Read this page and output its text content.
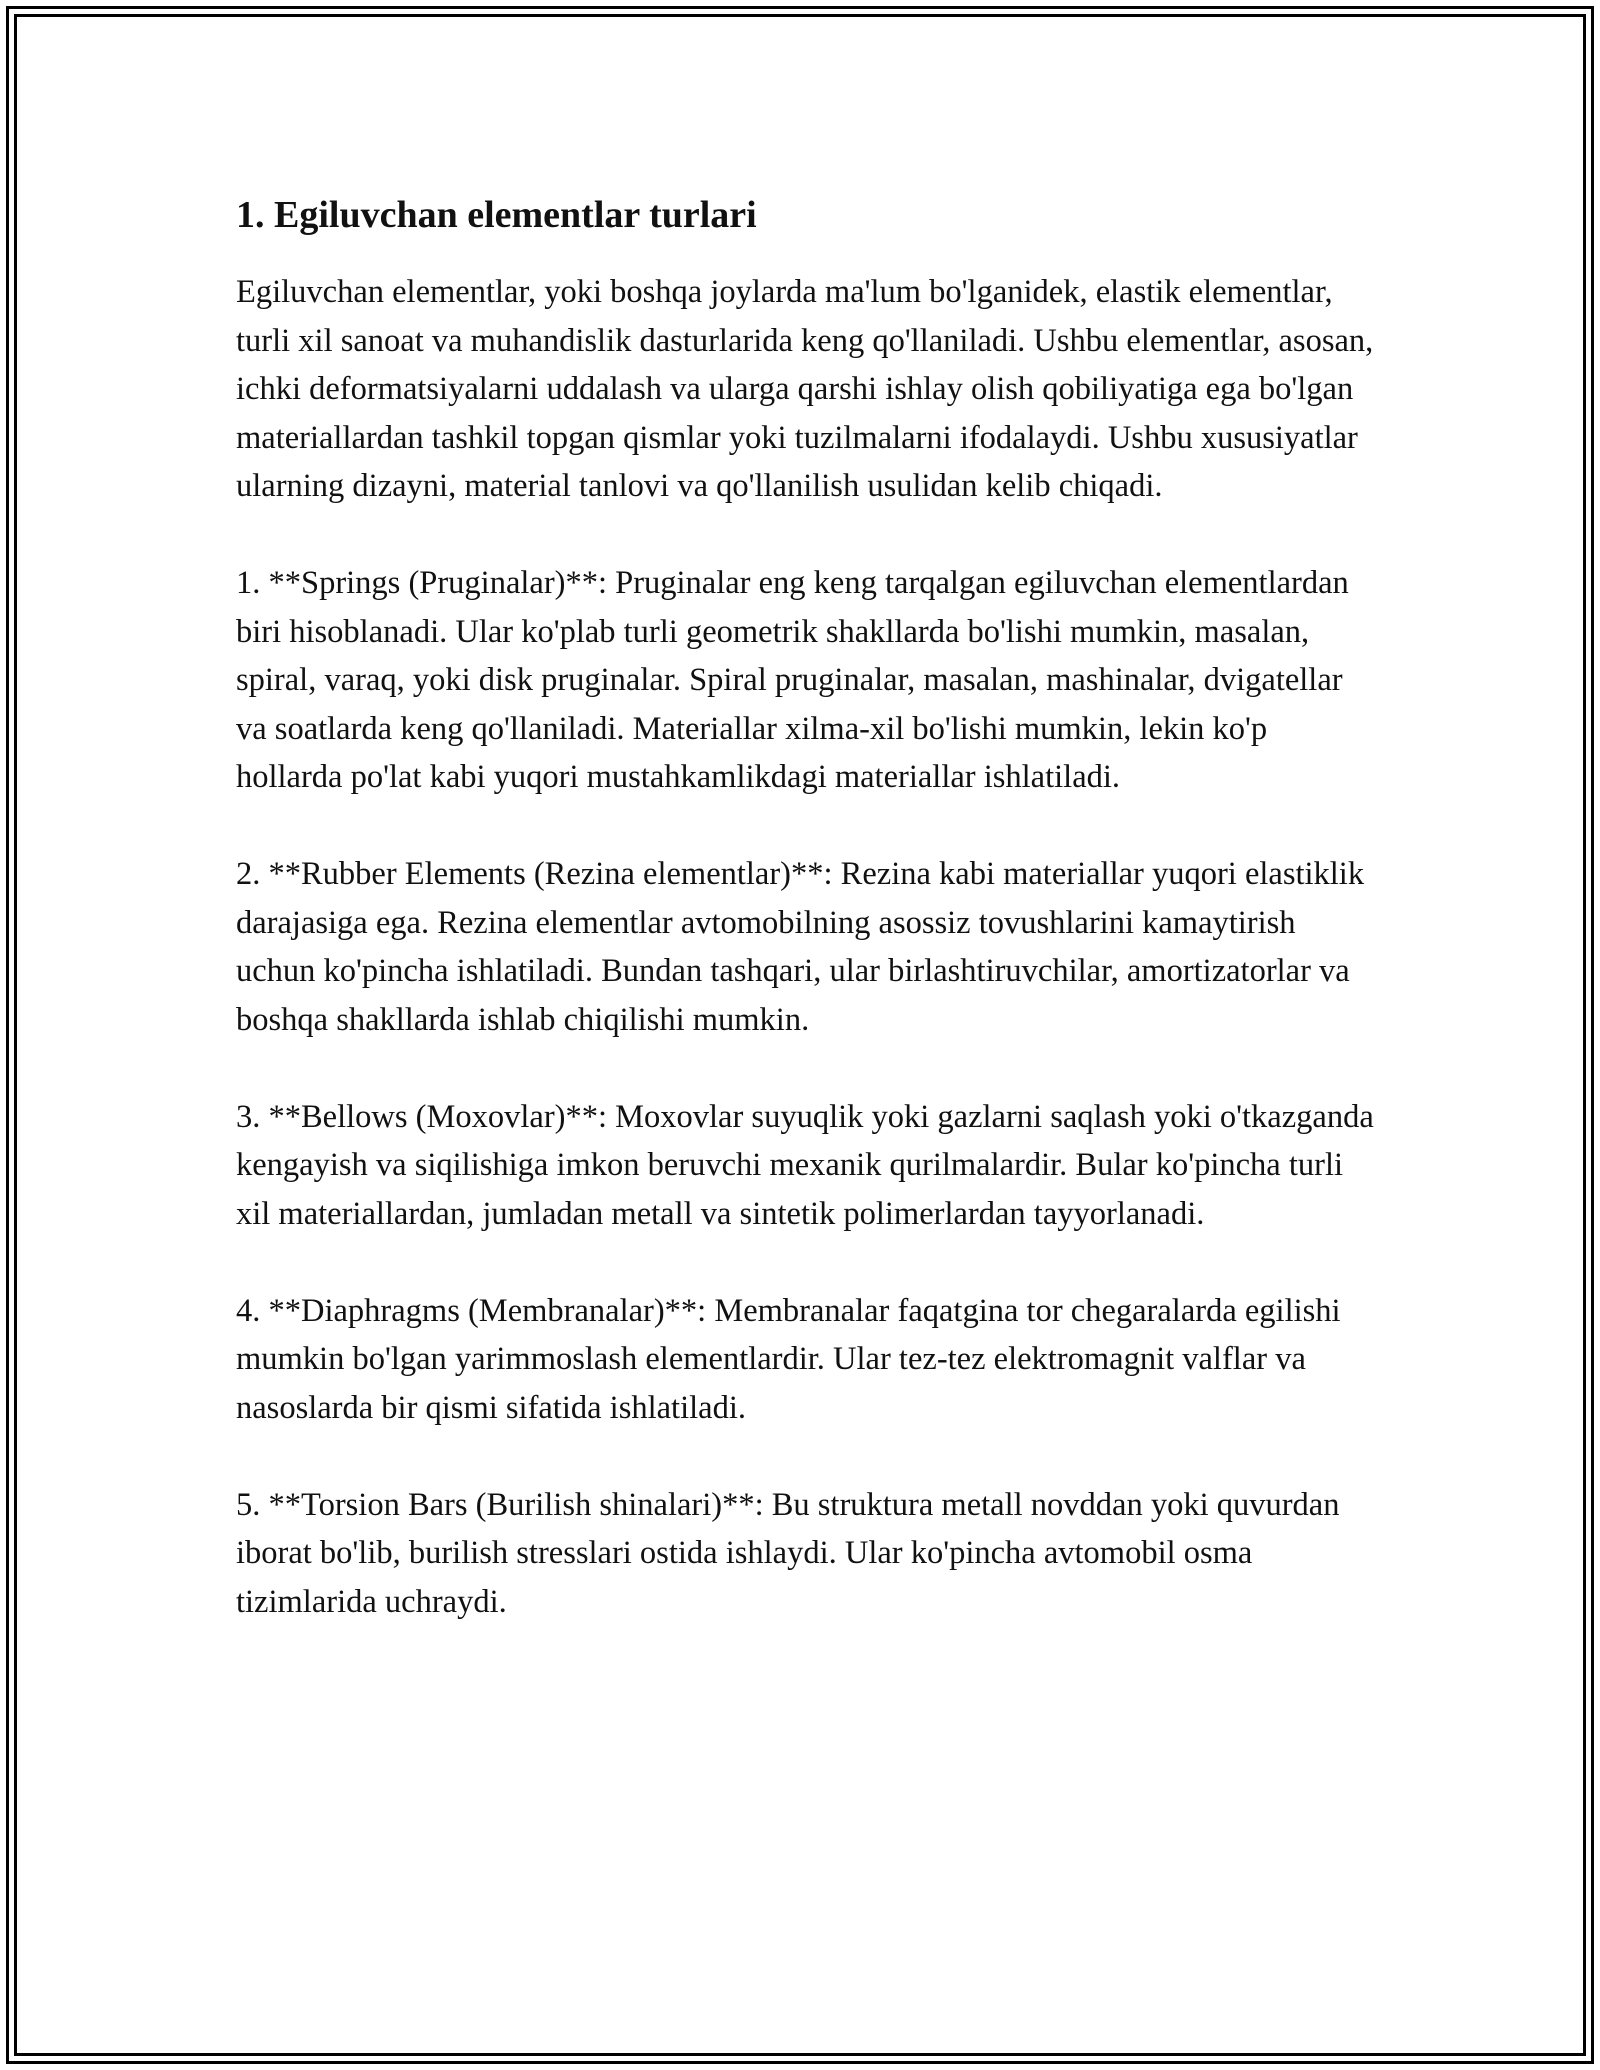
1. Egiluvchan elementlar turlari

Egiluvchan elementlar, yoki boshqa joylarda ma'lum bo'lganidek, elastik elementlar, turli xil sanoat va muhandislik dasturlarida keng qo'llaniladi. Ushbu elementlar, asosan, ichki deformatsiyalarni uddalash va ularga qarshi ishlay olish qobiliyatiga ega bo'lgan materiallardan tashkil topgan qismlar yoki tuzilmalarni ifodalaydi. Ushbu xususiyatlar ularning dizayni, material tanlovi va qo'llanilish usulidan kelib chiqadi.

1. **Springs (Pruginalar)**: Pruginalar eng keng tarqalgan egiluvchan elementlardan biri hisoblanadi. Ular ko'plab turli geometrik shakllarda bo'lishi mumkin, masalan, spiral, varaq, yoki disk pruginalar. Spiral pruginalar, masalan, mashinalar, dvigatellar va soatlarda keng qo'llaniladi. Materiallar xilma-xil bo'lishi mumkin, lekin ko'p hollarda po'lat kabi yuqori mustahkamlikdagi materiallar ishlatiladi.

2. **Rubber Elements (Rezina elementlar)**: Rezina kabi materiallar yuqori elastiklik darajasiga ega. Rezina elementlar avtomobilning asossiz tovushlarini kamaytirish uchun ko'pincha ishlatiladi. Bundan tashqari, ular birlashtiruvchilar, amortizatorlar va boshqa shakllarda ishlab chiqilishi mumkin.

3. **Bellows (Moxovlar)**: Moxovlar suyuqlik yoki gazlarni saqlash yoki o'tkazganda kengayish va siqilishiga imkon beruvchi mexanik qurilmalardir. Bular ko'pincha turli xil materiallardan, jumladan metall va sintetik polimerlardan tayyorlanadi.

4. **Diaphragms (Membranalar)**: Membranalar faqatgina tor chegaralarda egilishi mumkin bo'lgan yarimmoslash elementlardir. Ular tez-tez elektromagnit valflar va nasoslarda bir qismi sifatida ishlatiladi.

5. **Torsion Bars (Burilish shinalari)**: Bu struktura metall novddan yoki quvurdan iborat bo'lib, burilish stresslari ostida ishlaydi. Ular ko'pincha avtomobil osma tizimlarida uchraydi.
